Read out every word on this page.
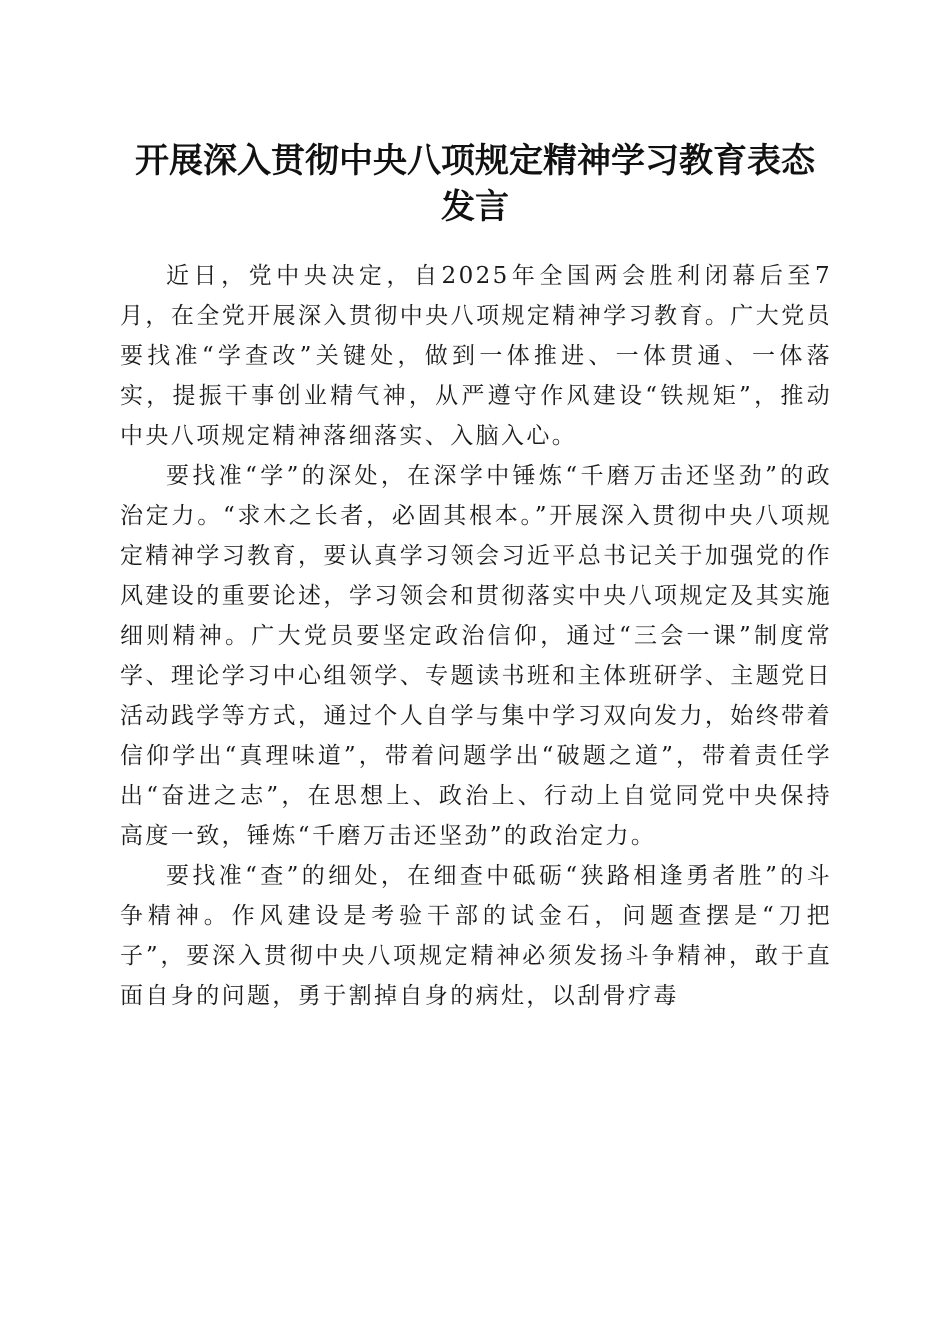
开展深入贯彻中央八项规定精神学习教育表态
发言

近日，党中央决定，自2025年全国两会胜利闭幕后至7月，在全党开展深入贯彻中央八项规定精神学习教育。广大党员要找准“学查改”关键处，做到一体推进、一体贯通、一体落实，提振干事创业精气神，从严遵守作风建设“铁规矩”，推动中央八项规定精神落细落实、入脑入心。

要找准“学”的深处，在深学中锤炼“千磨万击还坚劲”的政治定力。“求木之长者，必固其根本。”开展深入贯彻中央八项规定精神学习教育，要认真学习领会习近平总书记关于加强党的作风建设的重要论述，学习领会和贯彻落实中央八项规定及其实施细则精神。广大党员要坚定政治信仰，通过“三会一课”制度常学、理论学习中心组领学、专题读书班和主体班研学、主题党日活动践学等方式，通过个人自学与集中学习双向发力，始终带着信仰学出“真理味道”，带着问题学出“破题之道”，带着责任学出“奋进之志”，在思想上、政治上、行动上自觉同党中央保持高度一致，锤炼“千磨万击还坚劲”的政治定力。

要找准“查”的细处，在细查中砥砺“狭路相逢勇者胜”的斗争精神。作风建设是考验干部的试金石，问题查摆是“刀把子”，要深入贯彻中央八项规定精神必须发扬斗争精神，敢于直面自身的问题，勇于割掉自身的病灶，以刮骨疗毒
